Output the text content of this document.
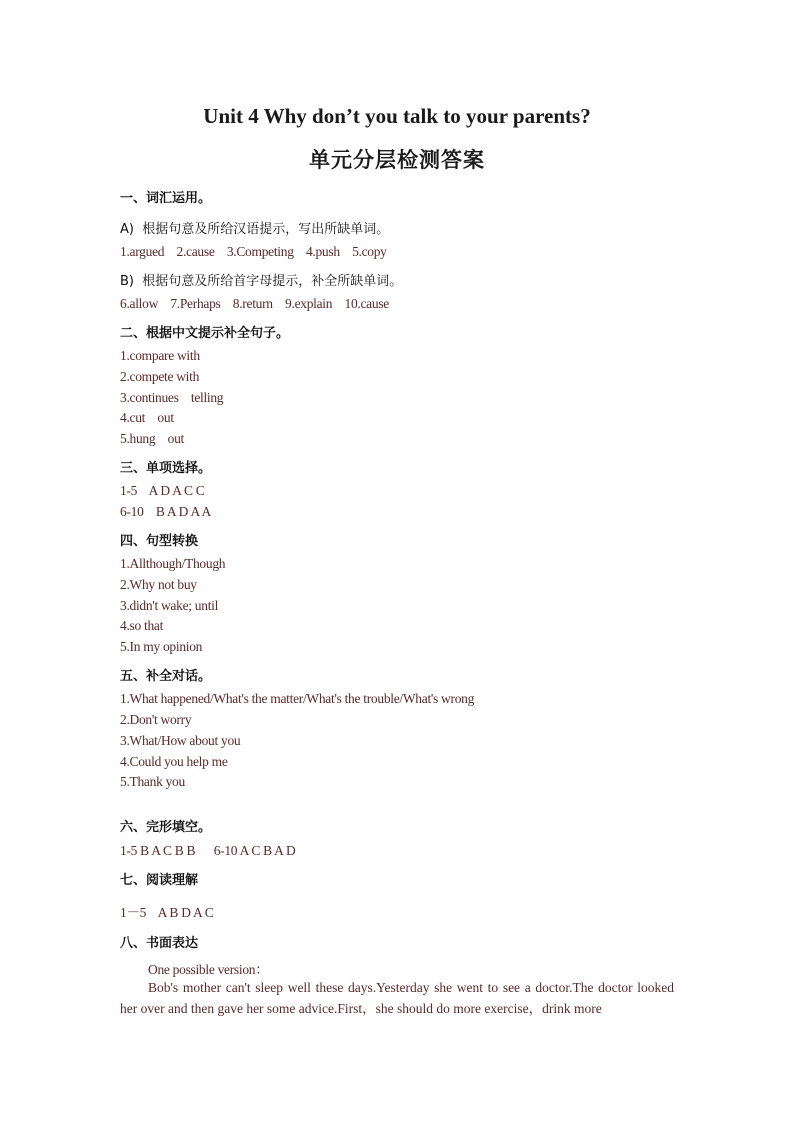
Unit 4 Why don’t you talk to your parents?
单元分层检测答案
一、词汇运用。
A)  根据句意及所给汉语提示，写出所缺单词。
1.argued    2.cause    3.Competing    4.push    5.copy
B)  根据句意及所给首字母提示，补全所缺单词。
6.allow    7.Perhaps    8.return    9.explain    10.cause
二、根据中文提示补全句子。
1.compare with
2.compete with
3.continues    telling
4.cut    out
5.hung    out
三、单项选择。
1-5    A D A C C
6-10    B A D A A
四、句型转换
1.Allthough/Though
2.Why not buy
3.didn't wake; until
4.so that
5.In my opinion
五、补全对话。
1.What happened/What's the matter/What's the trouble/What's wrong
2.Don't worry
3.What/How about you
4.Could you help me
5.Thank you
六、完形填空。
1-5 B A C B B      6-10 A C B A D
七、阅读理解
1－5    A B D A C
八、书面表达
One possible version：
Bob's mother can't sleep well these days.Yesterday she went to see a doctor.The doctor looked her over and then gave her some advice.First，she should do more exercise，drink more
